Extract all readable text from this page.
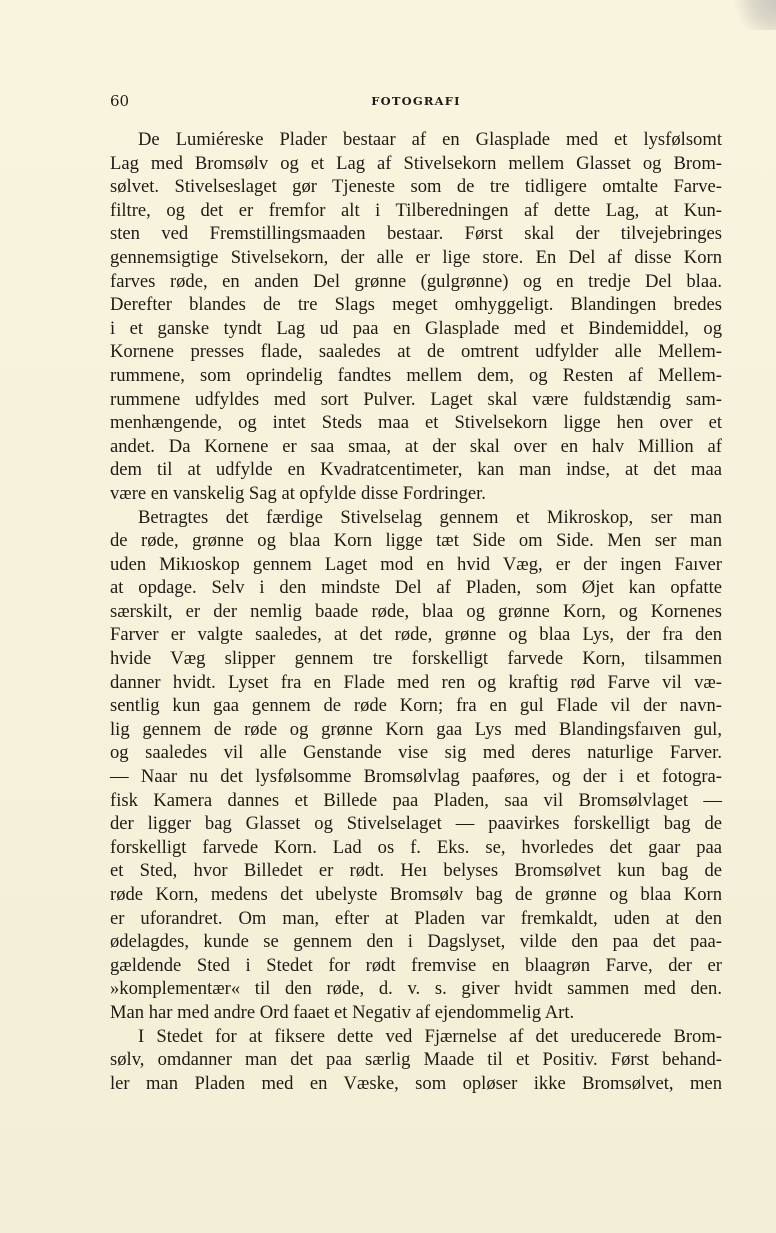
60	FOTOGRAFI
De Lumiéreske Plader bestaar af en Glasplade med et lysfølsomt
Lag med Bromsølv og et Lag af Stivelsekorn mellem Glasset og Brom-
sølvet. Stivelseslaget gør Tjeneste som de tre tidligere omtalte Farve-
filtre, og det er fremfor alt i Tilberedningen af dette Lag, at Kun-
sten ved Fremstillingsmaaden bestaar. Først skal der tilvejebringes
gennemsigtige Stivelsekorn, der alle er lige store. En Del af disse Korn
farves røde, en anden Del grønne (gulgrønne) og en tredje Del blaa.
Derefter blandes de tre Slags meget omhyggeligt. Blandingen bredes
i et ganske tyndt Lag ud paa en Glasplade med et Bindemiddel, og
Kornene presses flade, saaledes at de omtrent udfylder alle Mellem-
rummene, som oprindelig fandtes mellem dem, og Resten af Mellem-
rummene udfyldes med sort Pulver. Laget skal være fuldstændig sam-
menhængende, og intet Steds maa et Stivelsekorn ligge hen over et
andet. Da Kornene er saa smaa, at der skal over en halv Million af
dem til at udfylde en Kvadratcentimeter, kan man indse, at det maa
være en vanskelig Sag at opfylde disse Fordringer.
Betragtes det færdige Stivelselag gennem et Mikroskop, ser man
de røde, grønne og blaa Korn ligge tæt Side om Side. Men ser man
uden Mikıoskop gennem Laget mod en hvid Væg, er der ingen Faıver
at opdage. Selv i den mindste Del af Pladen, som Øjet kan opfatte
særskilt, er der nemlig baade røde, blaa og grønne Korn, og Kornenes
Farver er valgte saaledes, at det røde, grønne og blaa Lys, der fra den
hvide Væg slipper gennem tre forskelligt farvede Korn, tilsammen
danner hvidt. Lyset fra en Flade med ren og kraftig rød Farve vil væ-
sentlig kun gaa gennem de røde Korn; fra en gul Flade vil der navn-
lig gennem de røde og grønne Korn gaa Lys med Blandingsfaıven gul,
og saaledes vil alle Genstande vise sig med deres naturlige Farver.
— Naar nu det lysfølsomme Bromsølvlag paaføres, og der i et fotogra-
fisk Kamera dannes et Billede paa Pladen, saa vil Bromsølvlaget —
der ligger bag Glasset og Stivelselaget — paavirkes forskelligt bag de
forskelligt farvede Korn. Lad os f. Eks. se, hvorledes det gaar paa
et Sted, hvor Billedet er rødt. Heı belyses Bromsølvet kun bag de
røde Korn, medens det ubelyste Bromsølv bag de grønne og blaa Korn
er uforandret. Om man, efter at Pladen var fremkaldt, uden at den
ødelagdes, kunde se gennem den i Dagslyset, vilde den paa det paa-
gældende Sted i Stedet for rødt fremvise en blaagrøn Farve, der er
»komplementær« til den røde, d. v. s. giver hvidt sammen med den.
Man har med andre Ord faaet et Negativ af ejendommelig Art.
I Stedet for at fiksere dette ved Fjærnelse af det ureducerede Brom-
sølv, omdanner man det paa særlig Maade til et Positiv. Først behand-
ler man Pladen med en Væske, som opløser ikke Bromsølvet, men
